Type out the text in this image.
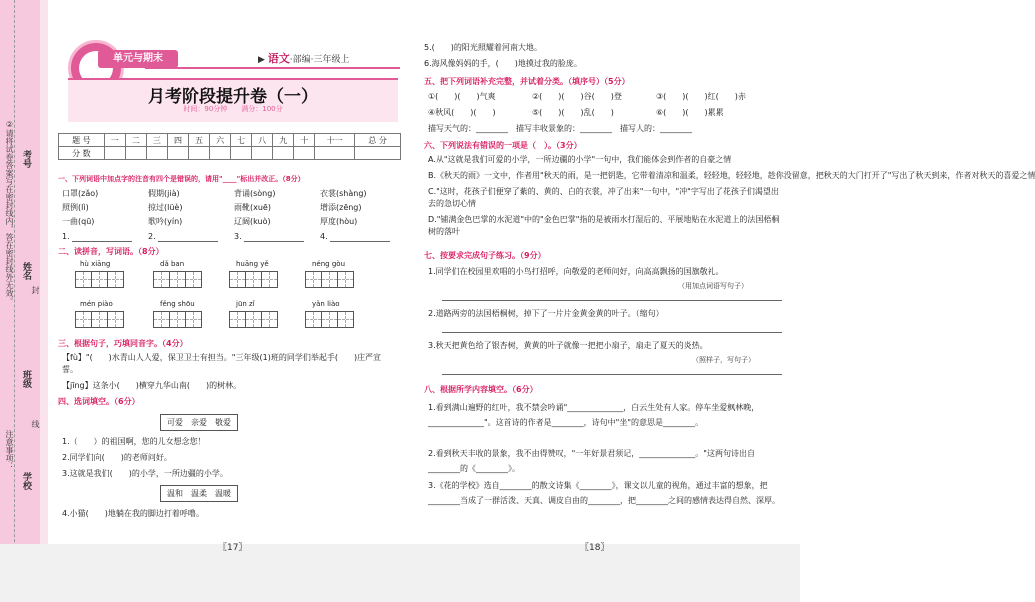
考号
姓名
班级
学校
②请将试卷答案写在密封线内，答在密封线外无效。
注意事项：
封
线
单元与期末	▶ 语文·部编·三年级上
月考阶段提升卷（一）
时间：90分钟　　满分：100分
题 号	一	二	三	四	五	六	七	八	九	十	十一	总 分
分 数												
一、下列词语中加点字的注音有四个是错误的，请用"____"标出并改正。（8分）
口罩(zǎo)	假期(jià)	背诵(sòng)	衣裳(shàng)
照例(lì)	掠过(lüè)	雨靴(xuē)	增添(zēng)
一曲(qū)	歌吟(yín)	辽阔(kuò)	厚度(hòu)
1.	2.	3.	4.
二、读拼音，写词语。（8分）
hù xiāng	dǎ ban	huāng yě	néng gòu
mén piào	fěng shōu	jūn zǐ	yǎn liào
三、根据句子，巧填同音字。（4分）
【fù】"(　　)水青山人人爱，保卫卫士有担当。"三年级(1)班的同学们举起手(　　)庄严宣誓。
【jīng】这条小(　　)横穿九华山南(　　)的树林。
四、选词填空。（6分）
可爱　亲爱　敬爱
1.（　　）的祖国啊，您的儿女想念您！
2.同学们向(　　)的老师问好。
3.这就是我们(　　)的小学，一所边疆的小学。
温和　温柔　温暖
4.小猫(　　)地躺在我的脚边打着呼噜。
〖17〗
5.(　　)的阳光照耀着河南大地。
6.海风像妈妈的手，(　　)地摸过我的脸庞。
五、把下列词语补充完整，并试着分类。（填序号）（5分）
①(　　)(　　)气爽	②(　　)(　　)谷(　　)登	③(　　)(　　)红(　　)赤
④秋风(　　)(　　)	⑤(　　)(　　)乱(　　)	⑥(　　)(　　)累累
描写天气的：________　描写丰收景象的：________　描写人的：________
六、下列说法有错误的一项是（　）。（3分）
A.从"这就是我们可爱的小学，一所边疆的小学"一句中，我们能体会到作者的自豪之情
B.《秋天的雨》一文中，作者用"秋天的雨，是一把钥匙，它带着清凉和温柔，轻轻地，轻轻地，趁你没留意，把秋天的大门打开了"写出了秋天到来，作者对秋天的喜爱之情
C."这时，花孩子们便穿了紫的、黄的、白的衣裳，冲了出来"一句中，"冲"字写出了花孩子们渴望出去的急切心情
D."铺满金色巴掌的水泥道"中的"金色巴掌"指的是被雨水打湿后的、平展地贴在水泥道上的法国梧桐树的落叶
七、按要求完成句子练习。（9分）
1.同学们在校园里欢唱的小鸟打招呼，向敬爱的老师问好，向高高飘扬的国旗敬礼。
（用加点词语写句子）
2.道路两旁的法国梧桐树，掉下了一片片金黄金黄的叶子。（缩句）
3.秋天把黄色给了银杏树，黄黄的叶子就像一把把小扇子，扇走了夏天的炎热。
（照样子，写句子）
八、根据所学内容填空。（6分）
1.看到满山遍野的红叶，我不禁会吟诵"______________，白云生处有人家。停车坐爱枫林晚，______________"。这首诗的作者是________，诗句中"坐"的意思是________。
2.看到秋天丰收的景象，我不由得赞叹，"一年好景君须记，______________。"这两句诗出自________的《________》。
3.《花的学校》选自________的散文诗集《________》，课文以儿童的视角，通过丰富的想象，把________当成了一群活泼、天真、调皮自由的________，把________之间的感情表达得自然、深厚。
〖18〗
